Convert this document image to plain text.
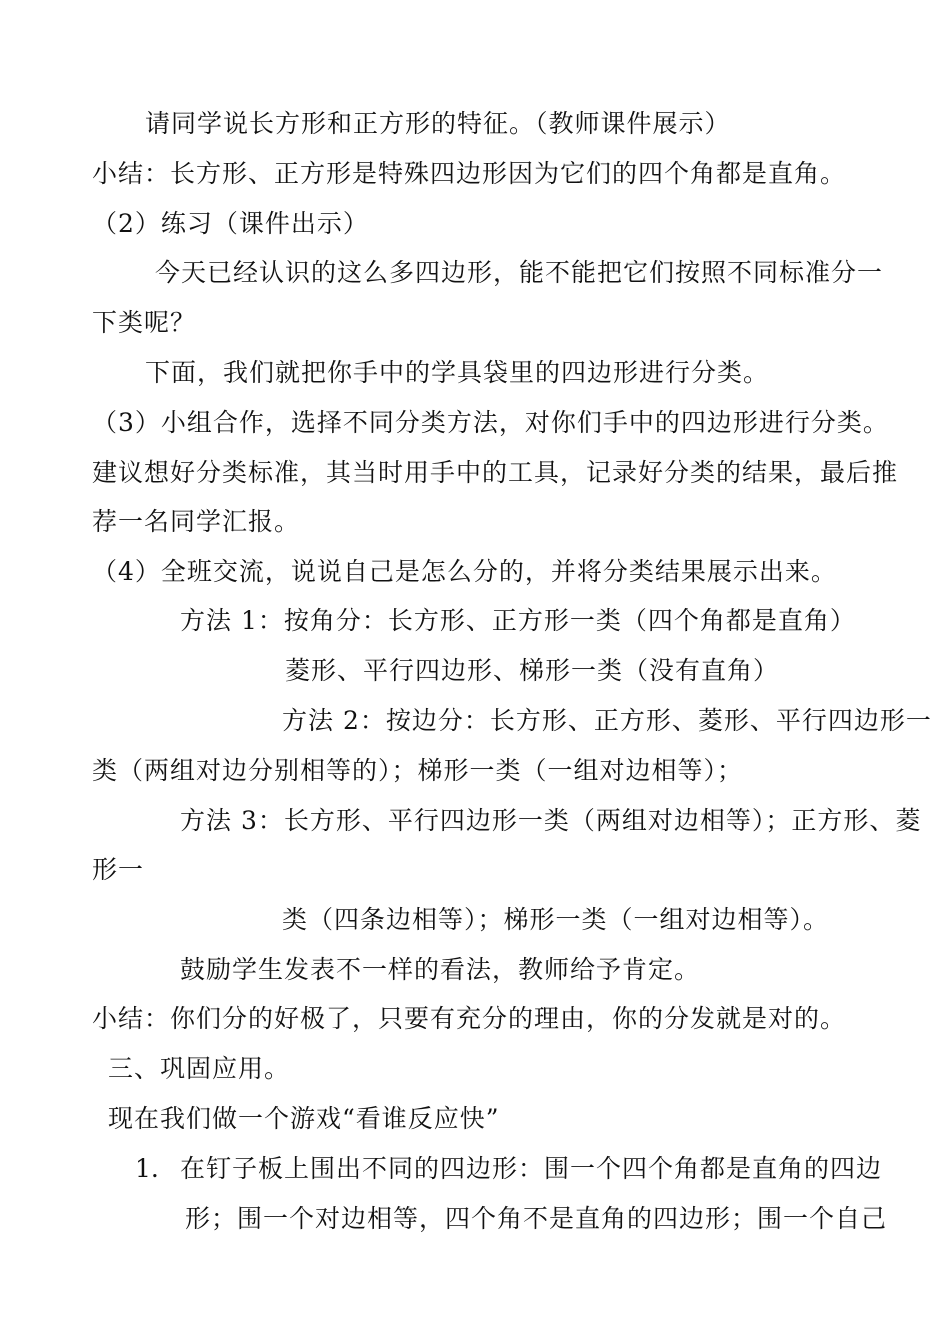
请同学说长方形和正方形的特征。（教师课件展示）
小结：长方形、正方形是特殊四边形因为它们的四个角都是直角。
（2）练习（课件出示）
今天已经认识的这么多四边形，能不能把它们按照不同标准分一
下类呢？
下面，我们就把你手中的学具袋里的四边形进行分类。
（3）小组合作，选择不同分类方法，对你们手中的四边形进行分类。
建议想好分类标准，其当时用手中的工具，记录好分类的结果，最后推
荐一名同学汇报。
（4）全班交流，说说自己是怎么分的，并将分类结果展示出来。
方法 1：按角分：长方形、正方形一类（四个角都是直角）
菱形、平行四边形、梯形一类（没有直角）
方法 2：按边分：长方形、正方形、菱形、平行四边形一
类（两组对边分别相等的）；梯形一类（一组对边相等）；
方法 3：长方形、平行四边形一类（两组对边相等）；正方形、菱
形一
类（四条边相等）；梯形一类（一组对边相等）。
鼓励学生发表不一样的看法，教师给予肯定。
小结：你们分的好极了，只要有充分的理由，你的分发就是对的。
三、巩固应用。
现在我们做一个游戏“看谁反应快”
1. 在钉子板上围出不同的四边形：围一个四个角都是直角的四边
形；围一个对边相等，四个角不是直角的四边形；围一个自己
